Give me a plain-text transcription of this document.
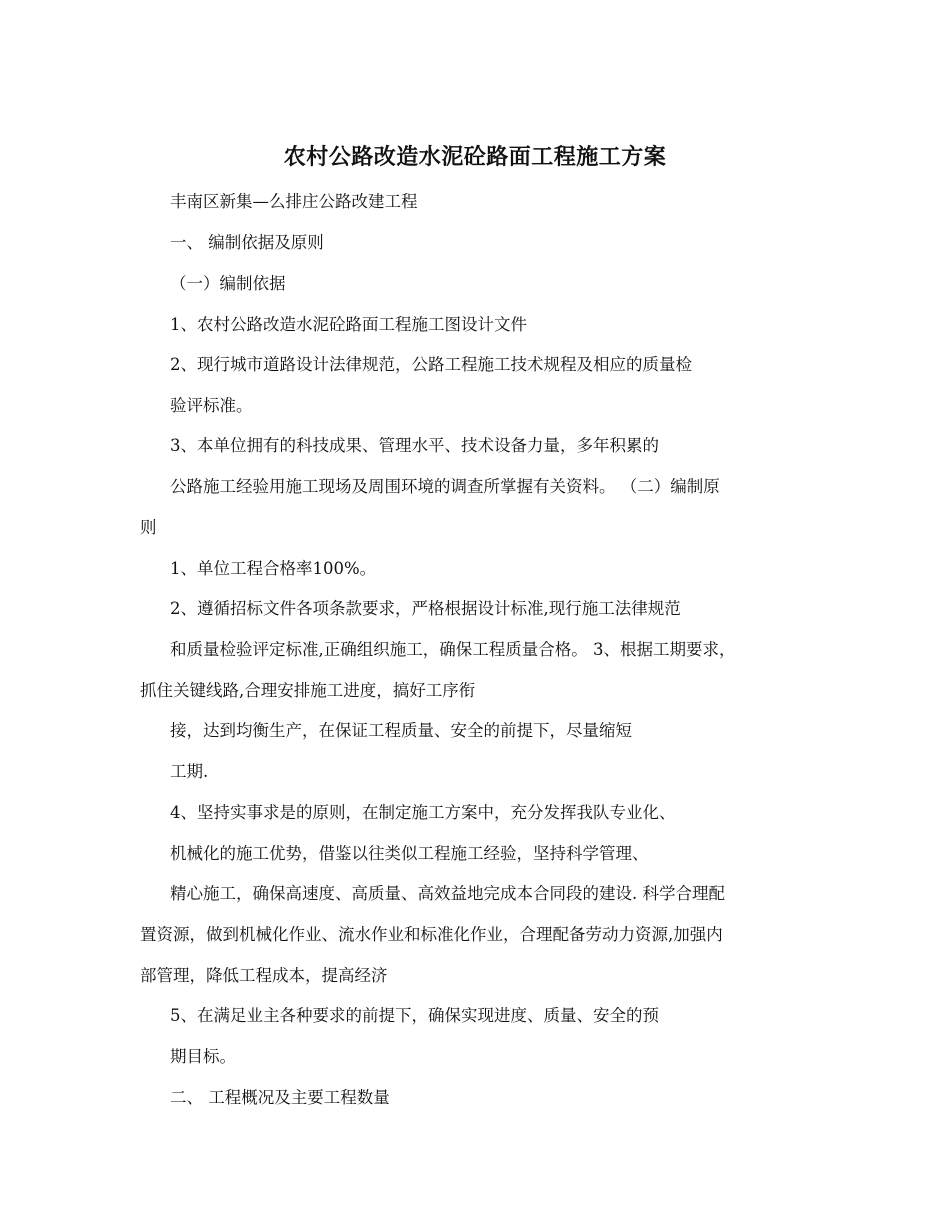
农村公路改造水泥砼路面工程施工方案
丰南区新集—么排庄公路改建工程
一、 编制依据及原则
（一）编制依据
1、农村公路改造水泥砼路面工程施工图设计文件
2、现行城市道路设计法律规范，公路工程施工技术规程及相应的质量检
验评标准。
3、本单位拥有的科技成果、管理水平、技术设备力量，多年积累的
公路施工经验用施工现场及周围环境的调查所掌握有关资料。 （二）编制原
则
1、单位工程合格率100%。
2、遵循招标文件各项条款要求，严格根据设计标准,现行施工法律规范
和质量检验评定标准,正确组织施工，确保工程质量合格。 3、根据工期要求，
抓住关键线路,合理安排施工进度，搞好工序衔
接，达到均衡生产，在保证工程质量、安全的前提下，尽量缩短
工期.
4、坚持实事求是的原则，在制定施工方案中，充分发挥我队专业化、
机械化的施工优势，借鉴以往类似工程施工经验，坚持科学管理、
精心施工，确保高速度、高质量、高效益地完成本合同段的建设. 科学合理配
置资源，做到机械化作业、流水作业和标准化作业，合理配备劳动力资源,加强内
部管理，降低工程成本，提高经济
5、在满足业主各种要求的前提下，确保实现进度、质量、安全的预
期目标。
二、 工程概况及主要工程数量
